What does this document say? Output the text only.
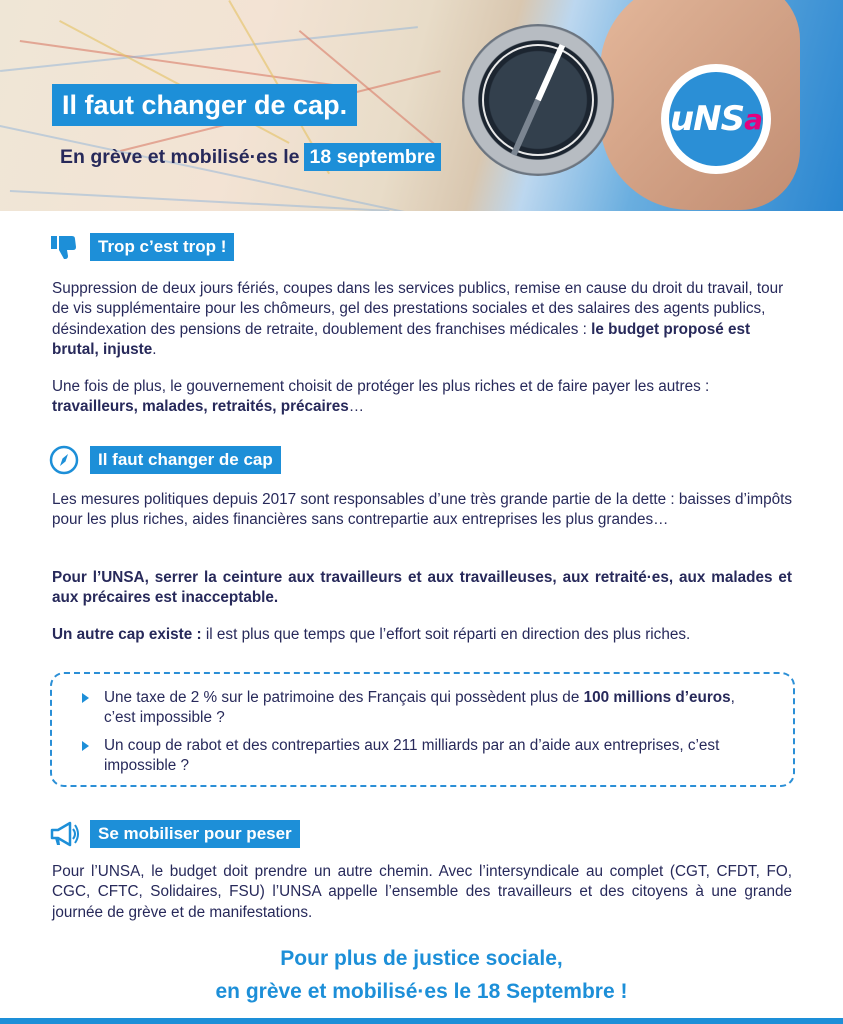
uNS a
Il faut changer de cap.
En grève et mobilisé·es le 18 septembre
Trop c’est trop !
Suppression de deux jours fériés, coupes dans les services publics, remise en cause du droit du travail, tour de vis supplémentaire pour les chômeurs, gel des prestations sociales et des salaires des agents publics, désindexation des pensions de retraite, doublement des franchises médicales : le budget proposé est brutal, injuste.
Une fois de plus, le gouvernement choisit de protéger les plus riches et de faire payer les autres : travailleurs, malades, retraités, précaires…
Il faut changer de cap
Les mesures politiques depuis 2017 sont responsables d’une très grande partie de la dette : baisses d’impôts pour les plus riches, aides financières sans contrepartie aux entreprises les plus grandes…
Pour l’UNSA, serrer la ceinture aux travailleurs et aux travailleuses, aux retraité·es, aux malades et aux précaires est inacceptable.
Un autre cap existe : il est plus que temps que l’effort soit réparti en direction des plus riches.
Une taxe de 2 % sur le patrimoine des Français qui possèdent plus de 100 millions d’euros, c’est impossible ?
Un coup de rabot et des contreparties aux 211 milliards par an d’aide aux entreprises, c’est impossible ?
Se mobiliser pour peser
Pour l’UNSA, le budget doit prendre un autre chemin. Avec l’intersyndicale au complet (CGT, CFDT, FO, CGC, CFTC, Solidaires, FSU) l’UNSA appelle l’ensemble des travailleurs et des citoyens à une grande journée de grève et de manifestations.
Pour plus de justice sociale,
en grève et mobilisé·es le 18 Septembre !
